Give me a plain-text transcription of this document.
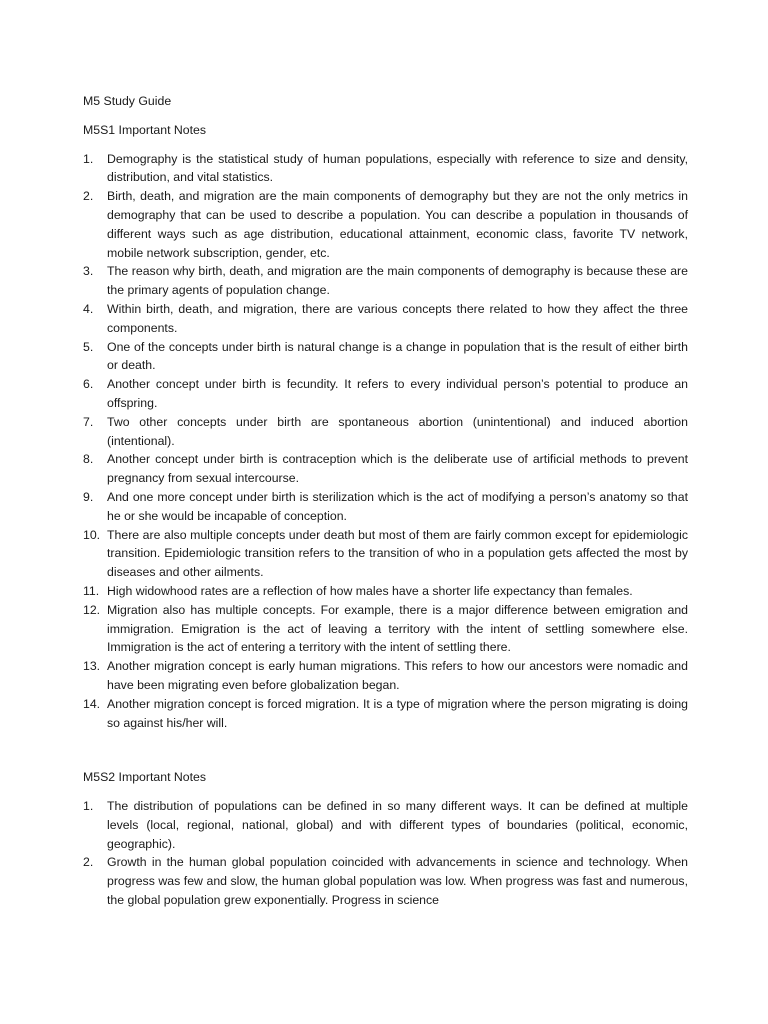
M5 Study Guide
M5S1 Important Notes
1.	Demography is the statistical study of human populations, especially with reference to size and density, distribution, and vital statistics.
2.	Birth, death, and migration are the main components of demography but they are not the only metrics in demography that can be used to describe a population. You can describe a population in thousands of different ways such as age distribution, educational attainment, economic class, favorite TV network, mobile network subscription, gender, etc.
3.	The reason why birth, death, and migration are the main components of demography is because these are the primary agents of population change.
4.	Within birth, death, and migration, there are various concepts there related to how they affect the three components.
5.	One of the concepts under birth is natural change is a change in population that is the result of either birth or death.
6.	Another concept under birth is fecundity. It refers to every individual person’s potential to produce an offspring.
7.	Two other concepts under birth are spontaneous abortion (unintentional) and induced abortion (intentional).
8.	Another concept under birth is contraception which is the deliberate use of artificial methods to prevent pregnancy from sexual intercourse.
9.	And one more concept under birth is sterilization which is the act of modifying a person’s anatomy so that he or she would be incapable of conception.
10. There are also multiple concepts under death but most of them are fairly common except for epidemiologic transition. Epidemiologic transition refers to the transition of who in a population gets affected the most by diseases and other ailments.
11. High widowhood rates are a reflection of how males have a shorter life expectancy than females.
12. Migration also has multiple concepts. For example, there is a major difference between emigration and immigration. Emigration is the act of leaving a territory with the intent of settling somewhere else. Immigration is the act of entering a territory with the intent of settling there.
13. Another migration concept is early human migrations. This refers to how our ancestors were nomadic and have been migrating even before globalization began.
14. Another migration concept is forced migration. It is a type of migration where the person migrating is doing so against his/her will.
M5S2 Important Notes
1.	The distribution of populations can be defined in so many different ways. It can be defined at multiple levels (local, regional, national, global) and with different types of boundaries (political, economic, geographic).
2.	Growth in the human global population coincided with advancements in science and technology. When progress was few and slow, the human global population was low. When progress was fast and numerous, the global population grew exponentially. Progress in science
